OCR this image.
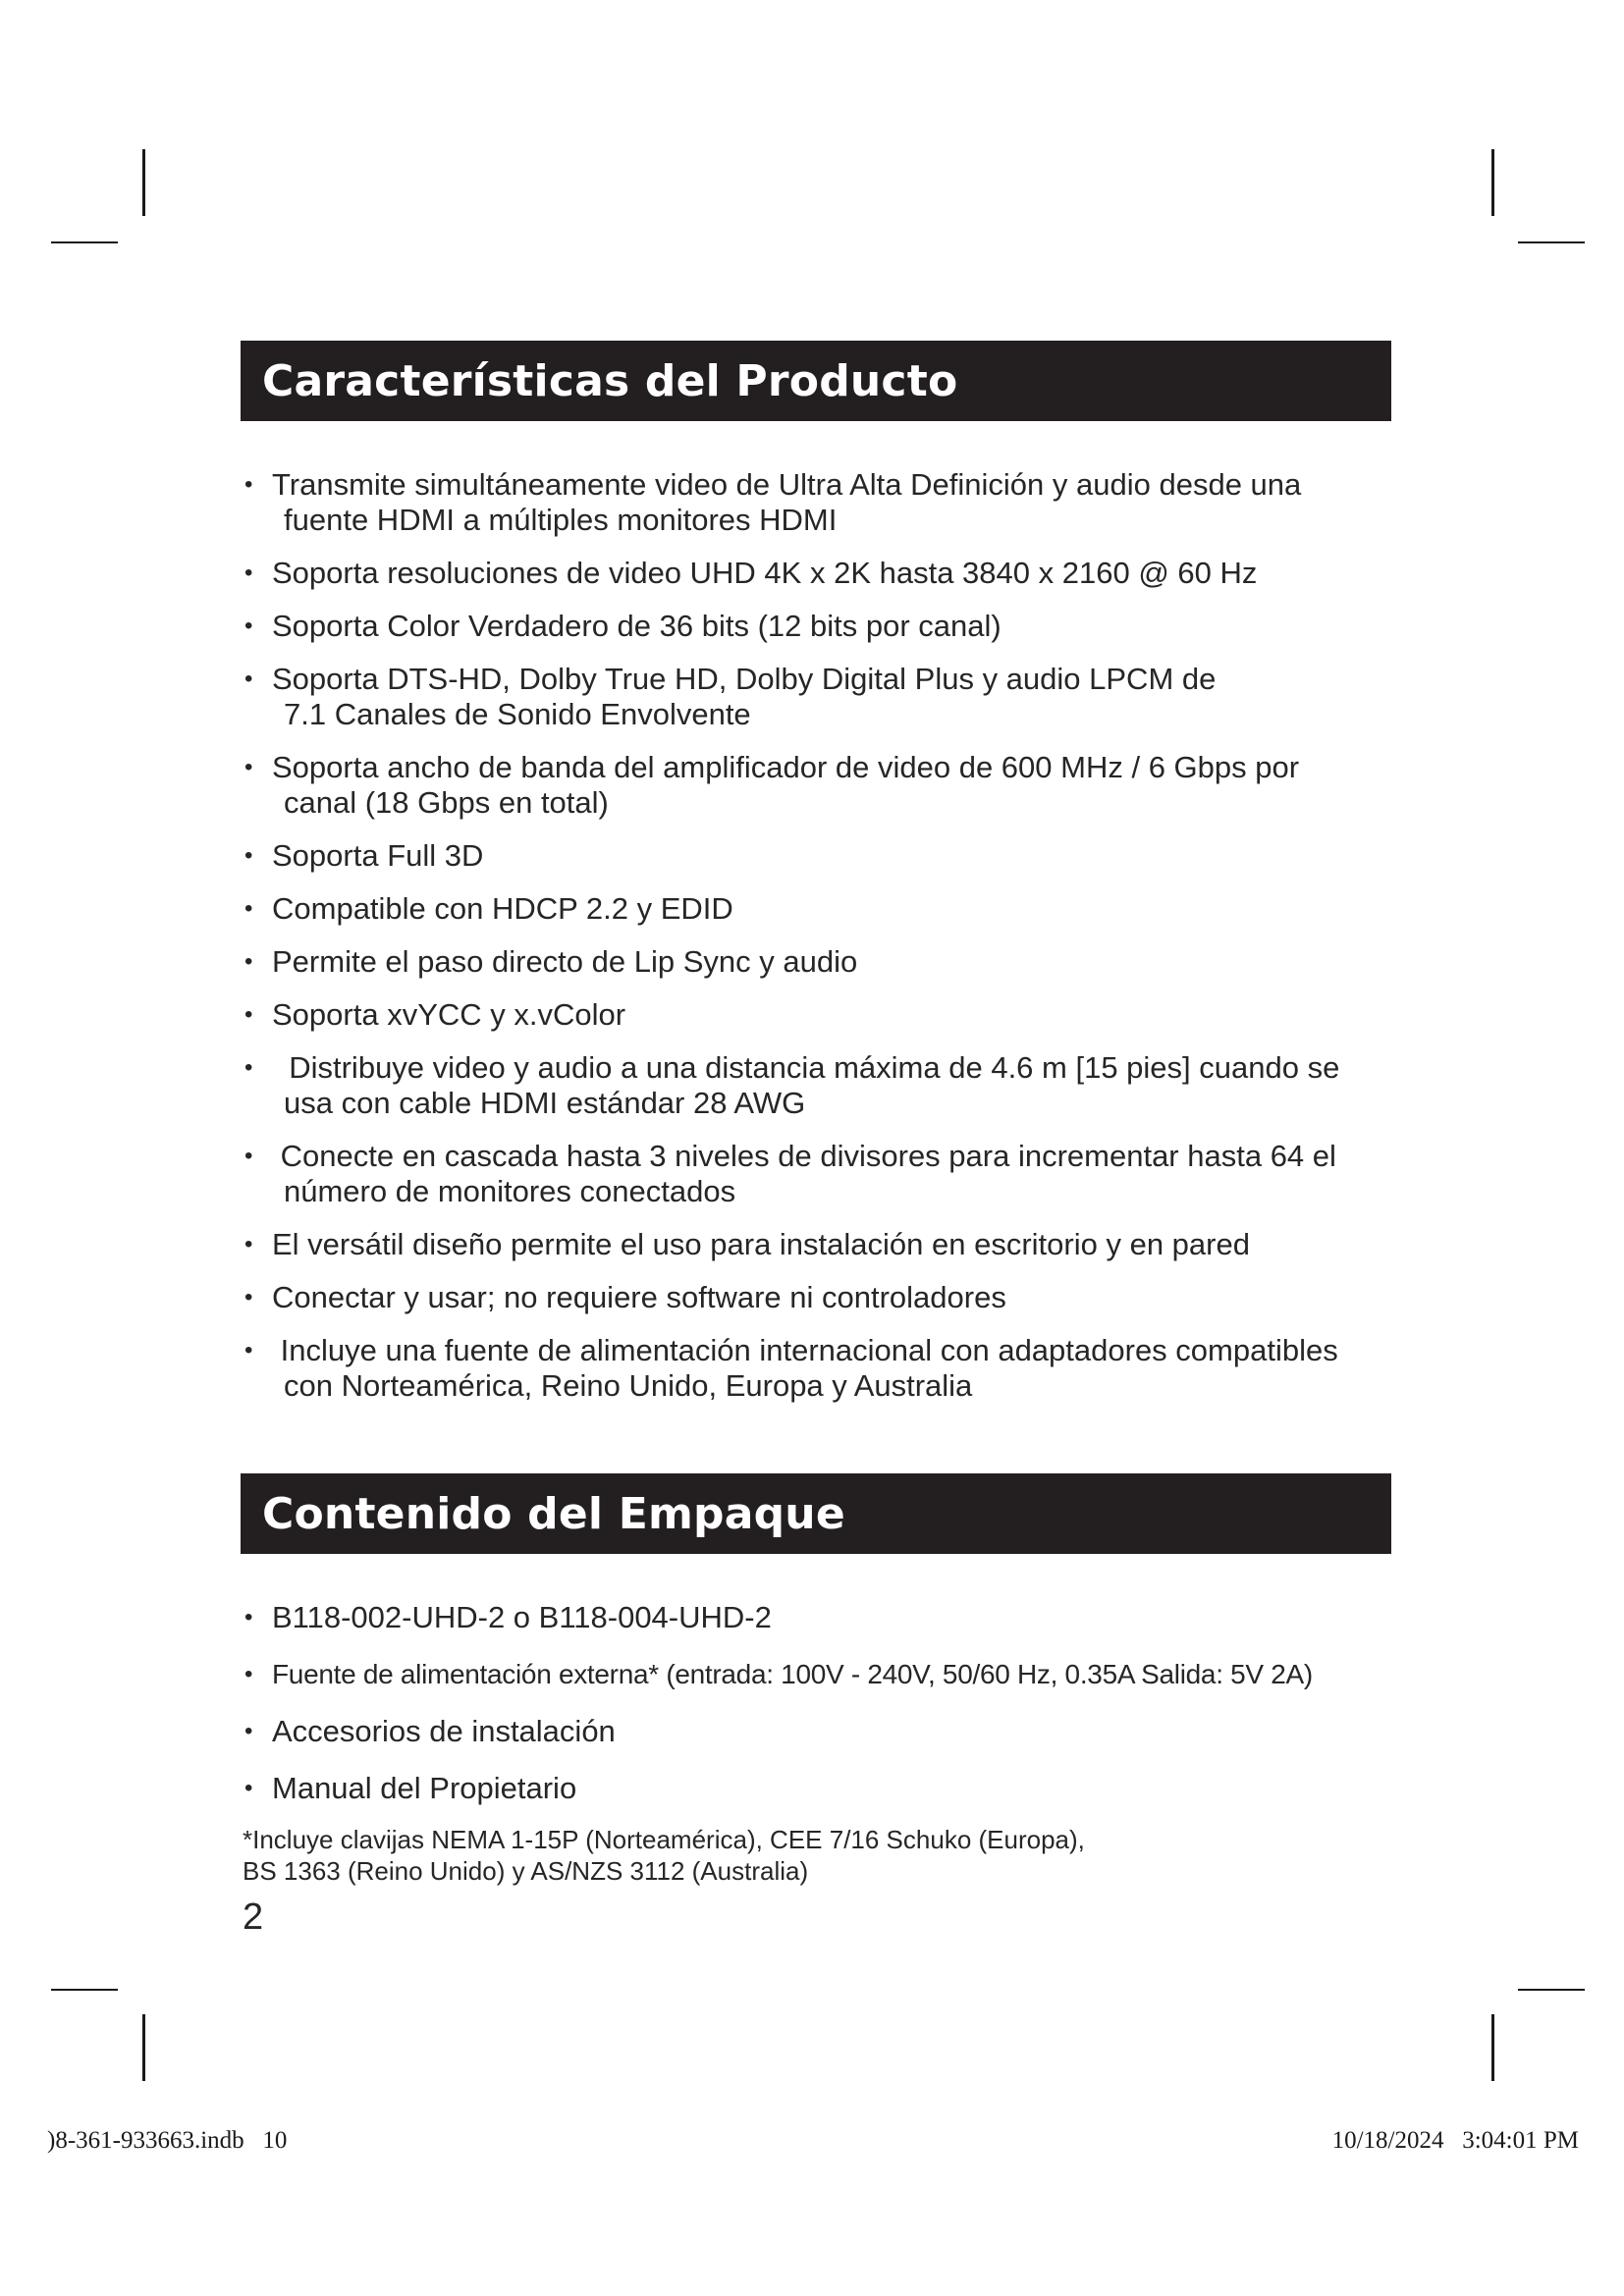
Características del Producto
• Transmite simultáneamente video de Ultra Alta Definición y audio desde una
fuente HDMI a múltiples monitores HDMI
• Soporta resoluciones de video UHD 4K x 2K hasta 3840 x 2160 @ 60 Hz
• Soporta Color Verdadero de 36 bits (12 bits por canal)
• Soporta DTS-HD, Dolby True HD, Dolby Digital Plus y audio LPCM de
7.1 Canales de Sonido Envolvente
• Soporta ancho de banda del amplificador de video de 600 MHz / 6 Gbps por
canal (18 Gbps en total)
• Soporta Full 3D
• Compatible con HDCP 2.2 y EDID
• Permite el paso directo de Lip Sync y audio
• Soporta xvYCC y x.vColor
• Distribuye video y audio a una distancia máxima de 4.6 m [15 pies] cuando se
usa con cable HDMI estándar 28 AWG
• Conecte en cascada hasta 3 niveles de divisores para incrementar hasta 64 el
número de monitores conectados
• El versátil diseño permite el uso para instalación en escritorio y en pared
• Conectar y usar; no requiere software ni controladores
• Incluye una fuente de alimentación internacional con adaptadores compatibles
con Norteamérica, Reino Unido, Europa y Australia
Contenido del Empaque
• B118-002-UHD-2 o B118-004-UHD-2
• Fuente de alimentación externa* (entrada: 100V - 240V, 50/60 Hz, 0.35A Salida: 5V 2A)
• Accesorios de instalación
• Manual del Propietario
*Incluye clavijas NEMA 1-15P (Norteamérica), CEE 7/16 Schuko (Europa),
BS 1363 (Reino Unido) y AS/NZS 3112 (Australia)
2
)8-361-933663.indb   10	10/18/2024   3:04:01 PM
